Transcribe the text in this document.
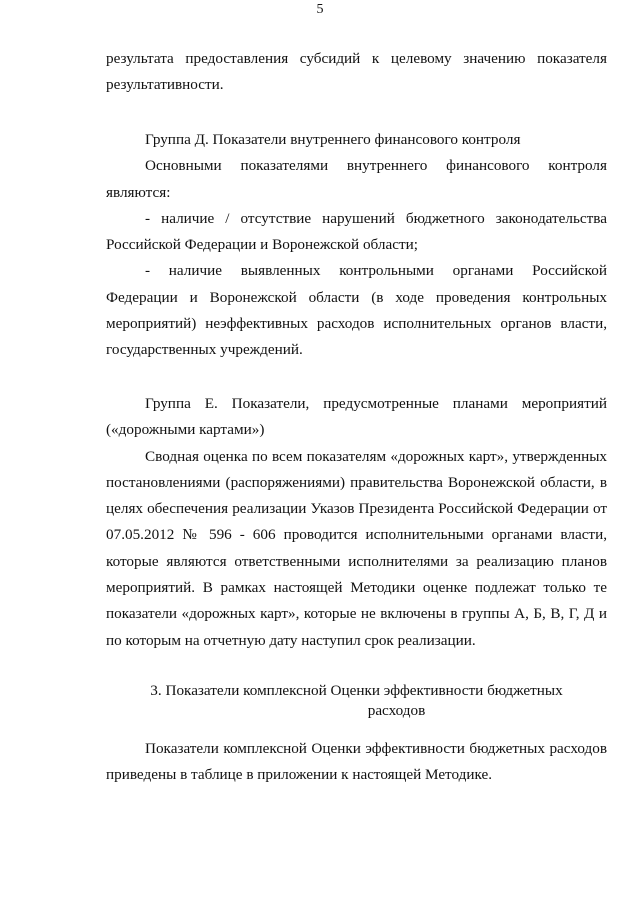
5

результата предоставления субсидий к целевому значению показателя результативности.

Группа Д. Показатели внутреннего финансового контроля

Основными показателями внутреннего финансового контроля являются:

- наличие / отсутствие нарушений бюджетного законодательства Российской Федерации и Воронежской области;

- наличие выявленных контрольными органами Российской Федерации и Воронежской области (в ходе проведения контрольных мероприятий) неэффективных расходов исполнительных органов власти, государственных учреждений.

Группа Е. Показатели, предусмотренные планами мероприятий («дорожными картами»)

Сводная оценка по всем показателям «дорожных карт», утвержденных постановлениями (распоряжениями) правительства Воронежской области, в целях обеспечения реализации Указов Президента Российской Федерации от 07.05.2012 № 596 - 606 проводится исполнительными органами власти, которые являются ответственными исполнителями за реализацию планов мероприятий. В рамках настоящей Методики оценке подлежат только те показатели «дорожных карт», которые не включены в группы А, Б, В, Г, Д и по которым на отчетную дату наступил срок реализации.

3. Показатели комплексной Оценки эффективности бюджетных

расходов

Показатели комплексной Оценки эффективности бюджетных расходов приведены в таблице в приложении к настоящей Методике.
